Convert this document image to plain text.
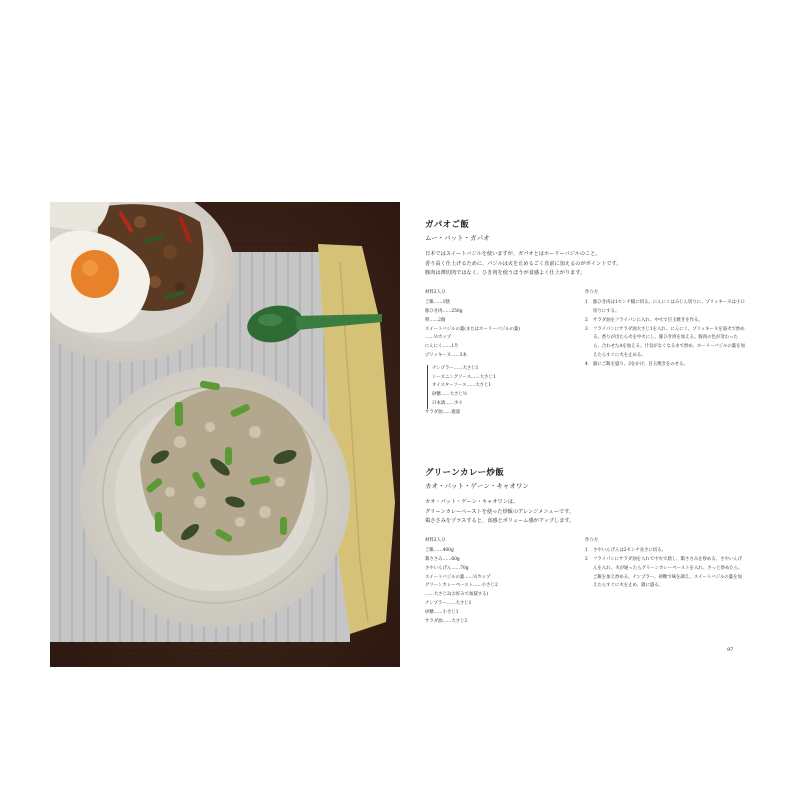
ガパオご飯
ムー・バット・ガパオ
日本ではスイートバジルを使いますが、ガパオとはホーリーバジルのこと。
香り高く仕上げるために、バジルは火を止めるごく直前に加えるのがポイントです。
豚肉は薄切肉ではなく、ひき肉を使うほうが食感よく仕上がります。
材料2人分
ご飯……1膳
豚ひき肉……250g
卵……2個
スイートバジルの葉(またはホーリーバジルの葉)
……½カップ
にんにく……1片
プリッキーヌ……3本
ナンプラー……大さじ1
シーズニングソース……大さじ1
オイスターソース……大さじ1
砂糖……大さじ½
日本酒……少々
サラダ油……適量
作り方
1	豚ひき肉は1センチ幅に切る。にんにくはみじん切りに、プリッキーヌは小口切りにする。
2	サラダ油をフライパンに入れ、中火で目玉焼きを作る。
3	フライパンにサラダ油大さじ1を入れ、にんにく、プリッキーヌを弱火で炒める。香りが出たら火を中火にし、豚ひき肉を加える。豚肉の色が変わったら、合わせたAを加える。汁気がなくなるまで炒め、ホーリーバジルの葉を加えたらすぐに火を止める。
4	器にご飯を盛り、3をかけ、目玉焼きをのせる。
グリーンカレー炒飯
カオ・パット・ゲーン・キャオワン
カオ・パット・ゲーン・キャオワンは、
グリーンカレーペーストを使った炒飯のアレンジメニューです。
鶏ささみをプラスすると、食感とボリューム感がアップします。
材料2人分
ご飯……400g
鶏ささみ……60g
さやいんげん……70g
スイートバジルの葉……½カップ
グリーンカレーペースト……小さじ2
……大さじ2(お好みで加減する)
ナンプラー……大さじ1
砂糖……小さじ1
サラダ油……大さじ2
作り方
1	さやいんげんは2センチ長さに切る。
2	フライパンにサラダ油を入れて中火で熱し、鶏ささみを炒める。さやいんげんを入れ、火が通ったらグリーンカレーペーストを入れ、さっと炒めたら、ご飯を加え炒める。ナンプラー、砂糖で味を調え、スイートバジルの葉を加えたらすぐに火を止め、器に盛る。
97
